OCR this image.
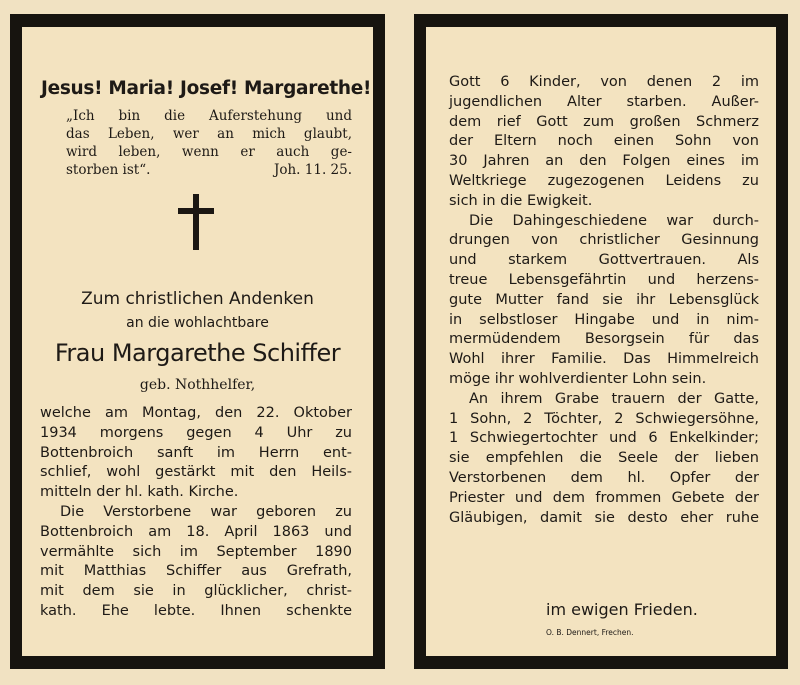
Jesus! Maria! Josef! Margarethe!
„Ich bin die Auferstehung und
das Leben, wer an mich glaubt,
wird leben, wenn er auch ge-
storben ist“.	Joh. 11. 25.
Zum christlichen Andenken
an die wohlachtbare
Frau Margarethe Schiffer
geb. Nothhelfer,
welche am Montag, den 22. Oktober
1934 morgens gegen 4 Uhr zu
Bottenbroich sanft im Herrn ent-
schlief, wohl gestärkt mit den Heils-
mitteln der hl. kath. Kirche.
Die Verstorbene war geboren zu
Bottenbroich am 18. April 1863 und
vermählte sich im September 1890
mit Matthias Schiffer aus Grefrath,
mit dem sie in glücklicher, christ-
kath. Ehe lebte. Ihnen schenkte
Gott 6 Kinder, von denen 2 im
jugendlichen Alter starben. Außer-
dem rief Gott zum großen Schmerz
der Eltern noch einen Sohn von
30 Jahren an den Folgen eines im
Weltkriege zugezogenen Leidens zu
sich in die Ewigkeit.
Die Dahingeschiedene war durch-
drungen von christlicher Gesinnung
und starkem Gottvertrauen. Als
treue Lebensgefährtin und herzens-
gute Mutter fand sie ihr Lebensglück
in selbstloser Hingabe und in nim-
mermüdendem Besorgsein für das
Wohl ihrer Familie. Das Himmelreich
möge ihr wohlverdienter Lohn sein.
An ihrem Grabe trauern der Gatte,
1 Sohn, 2 Töchter, 2 Schwiegersöhne,
1 Schwiegertochter und 6 Enkelkinder;
sie empfehlen die Seele der lieben
Verstorbenen dem hl. Opfer der
Priester und dem frommen Gebete der
Gläubigen, damit sie desto eher ruhe
im ewigen Frieden.
O. B. Dennert, Frechen.
